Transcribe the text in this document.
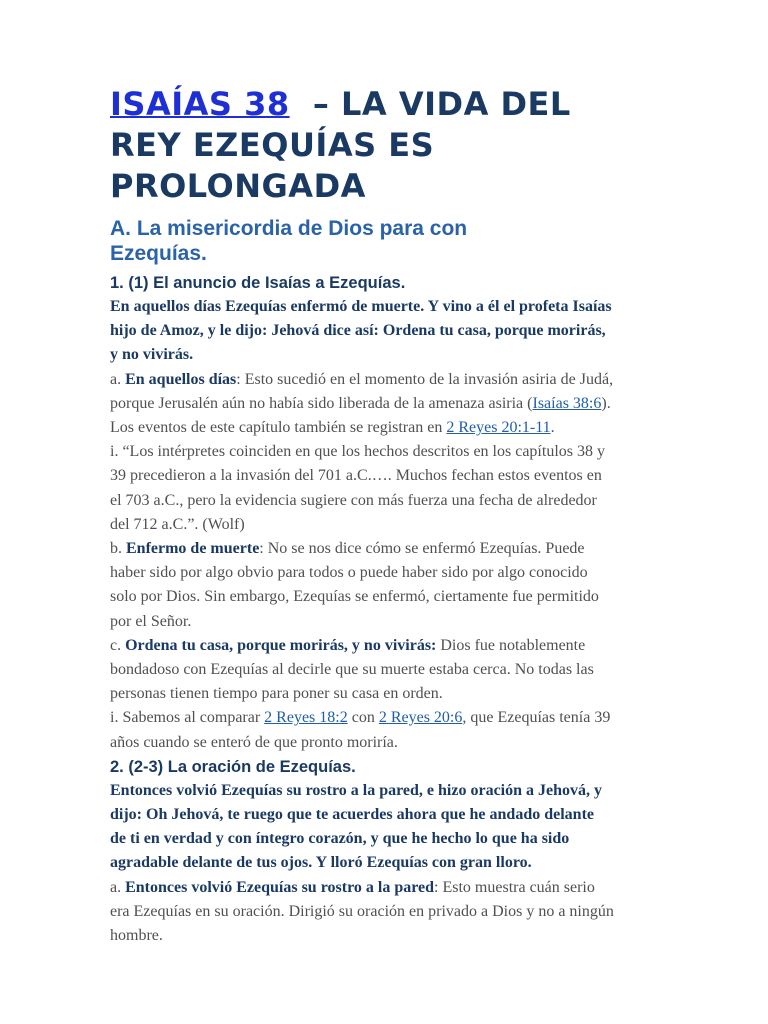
ISAÍAS 38 – LA VIDA DEL
REY EZEQUÍAS ES
PROLONGADA
A. La misericordia de Dios para con
Ezequías.
1. (1) El anuncio de Isaías a Ezequías.

En aquellos días Ezequías enfermó de muerte. Y vino a él el profeta Isaías
hijo de Amoz, y le dijo: Jehová dice así: Ordena tu casa, porque morirás,
y no vivirás.

a. En aquellos días: Esto sucedió en el momento de la invasión asiria de Judá,
porque Jerusalén aún no había sido liberada de la amenaza asiria (Isaías 38:6).
Los eventos de este capítulo también se registran en 2 Reyes 20:1-11.

i. “Los intérpretes coinciden en que los hechos descritos en los capítulos 38 y
39 precedieron a la invasión del 701 a.C.…. Muchos fechan estos eventos en
el 703 a.C., pero la evidencia sugiere con más fuerza una fecha de alrededor
del 712 a.C.”. (Wolf)

b. Enfermo de muerte: No se nos dice cómo se enfermó Ezequías. Puede
haber sido por algo obvio para todos o puede haber sido por algo conocido
solo por Dios. Sin embargo, Ezequías se enfermó, ciertamente fue permitido
por el Señor.

c. Ordena tu casa, porque morirás, y no vivirás: Dios fue notablemente
bondadoso con Ezequías al decirle que su muerte estaba cerca. No todas las
personas tienen tiempo para poner su casa en orden.

i. Sabemos al comparar 2 Reyes 18:2 con 2 Reyes 20:6, que Ezequías tenía 39
años cuando se enteró de que pronto moriría.

2. (2-3) La oración de Ezequías.

Entonces volvió Ezequías su rostro a la pared, e hizo oración a Jehová, y
dijo: Oh Jehová, te ruego que te acuerdes ahora que he andado delante
de ti en verdad y con íntegro corazón, y que he hecho lo que ha sido
agradable delante de tus ojos. Y lloró Ezequías con gran lloro.

a. Entonces volvió Ezequías su rostro a la pared: Esto muestra cuán serio
era Ezequías en su oración. Dirigió su oración en privado a Dios y no a ningún
hombre.
